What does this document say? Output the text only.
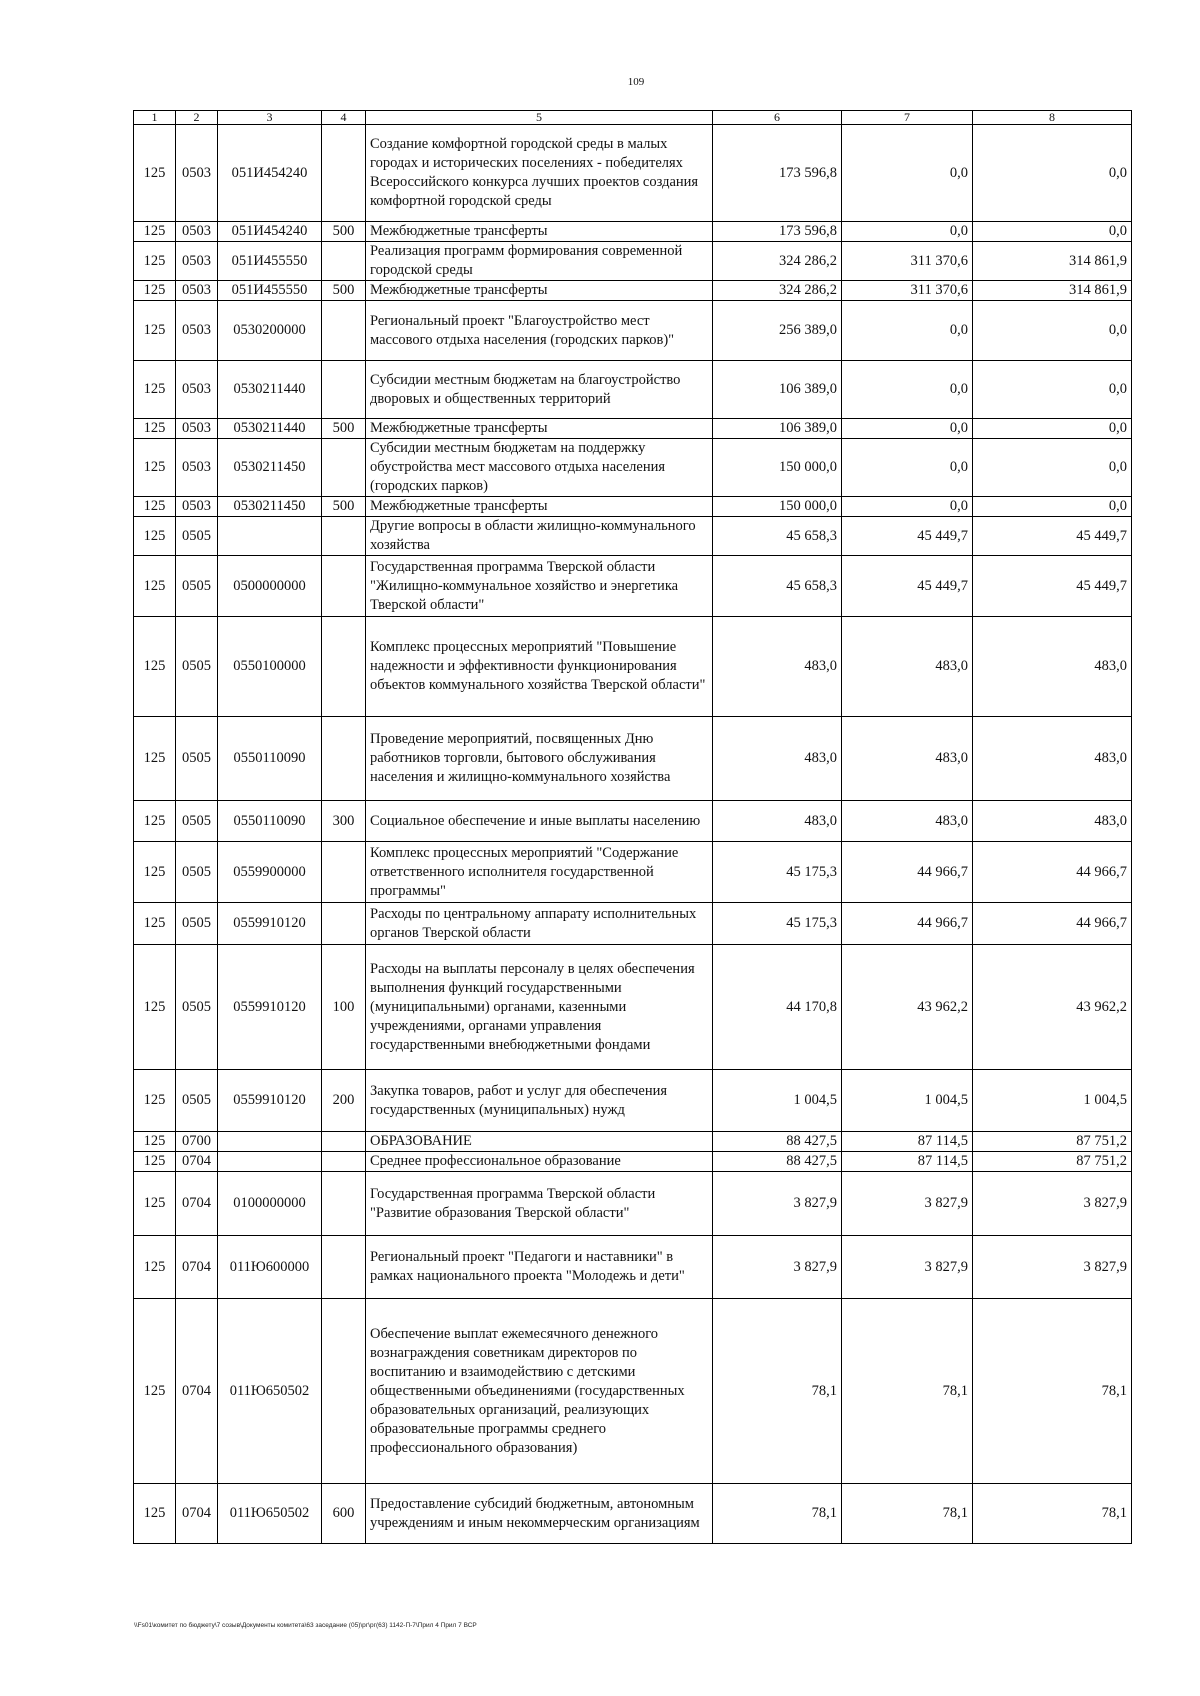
109
1	2	3	4	5	6	7	8
125	0503	051И454240		Создание комфортной городской среды в малых городах и исторических поселениях - победителях Всероссийского конкурса лучших проектов создания комфортной городской среды	173 596,8	0,0	0,0
125	0503	051И454240	500	Межбюджетные трансферты	173 596,8	0,0	0,0
125	0503	051И455550		Реализация программ формирования современной городской среды	324 286,2	311 370,6	314 861,9
125	0503	051И455550	500	Межбюджетные трансферты	324 286,2	311 370,6	314 861,9
125	0503	0530200000		Региональный проект "Благоустройство мест массового отдыха населения (городских парков)"	256 389,0	0,0	0,0
125	0503	0530211440		Субсидии местным бюджетам на благоустройство дворовых и общественных территорий	106 389,0	0,0	0,0
125	0503	0530211440	500	Межбюджетные трансферты	106 389,0	0,0	0,0
125	0503	0530211450		Субсидии местным бюджетам на поддержку обустройства мест массового отдыха населения (городских парков)	150 000,0	0,0	0,0
125	0503	0530211450	500	Межбюджетные трансферты	150 000,0	0,0	0,0
125	0505			Другие вопросы в области жилищно-коммунального хозяйства	45 658,3	45 449,7	45 449,7
125	0505	0500000000		Государственная программа Тверской области "Жилищно-коммунальное хозяйство и энергетика Тверской области"	45 658,3	45 449,7	45 449,7
125	0505	0550100000		Комплекс процессных мероприятий "Повышение надежности и эффективности функционирования объектов коммунального хозяйства Тверской области"	483,0	483,0	483,0
125	0505	0550110090		Проведение мероприятий, посвященных Дню работников торговли, бытового обслуживания населения и жилищно-коммунального хозяйства	483,0	483,0	483,0
125	0505	0550110090	300	Социальное обеспечение и иные выплаты населению	483,0	483,0	483,0
125	0505	0559900000		Комплекс процессных мероприятий "Содержание ответственного исполнителя государственной программы"	45 175,3	44 966,7	44 966,7
125	0505	0559910120		Расходы по центральному аппарату исполнительных органов Тверской области	45 175,3	44 966,7	44 966,7
125	0505	0559910120	100	Расходы на выплаты персоналу в целях обеспечения выполнения функций государственными (муниципальными) органами, казенными учреждениями, органами управления государственными внебюджетными фондами	44 170,8	43 962,2	43 962,2
125	0505	0559910120	200	Закупка товаров, работ и услуг для обеспечения государственных (муниципальных) нужд	1 004,5	1 004,5	1 004,5
125	0700			ОБРАЗОВАНИЕ	88 427,5	87 114,5	87 751,2
125	0704			Среднее профессиональное образование	88 427,5	87 114,5	87 751,2
125	0704	0100000000		Государственная программа Тверской области "Развитие образования Тверской области"	3 827,9	3 827,9	3 827,9
125	0704	011Ю600000		Региональный проект "Педагоги и наставники" в рамках национального проекта "Молодежь и дети"	3 827,9	3 827,9	3 827,9
125	0704	011Ю650502		Обеспечение выплат ежемесячного денежного вознаграждения советникам директоров по воспитанию и взаимодействию с детскими общественными объединениями (государственных образовательных организаций, реализующих образовательные программы среднего профессионального образования)	78,1	78,1	78,1
125	0704	011Ю650502	600	Предоставление субсидий бюджетным, автономным учреждениям и иным некоммерческим организациям	78,1	78,1	78,1
\\Fs01\комитет по бюджету\7 созыв\Документы комитета\63 заседание (05)\рг\рг(63) 1142-П-7\Прил 4 Прил 7 ВСР
